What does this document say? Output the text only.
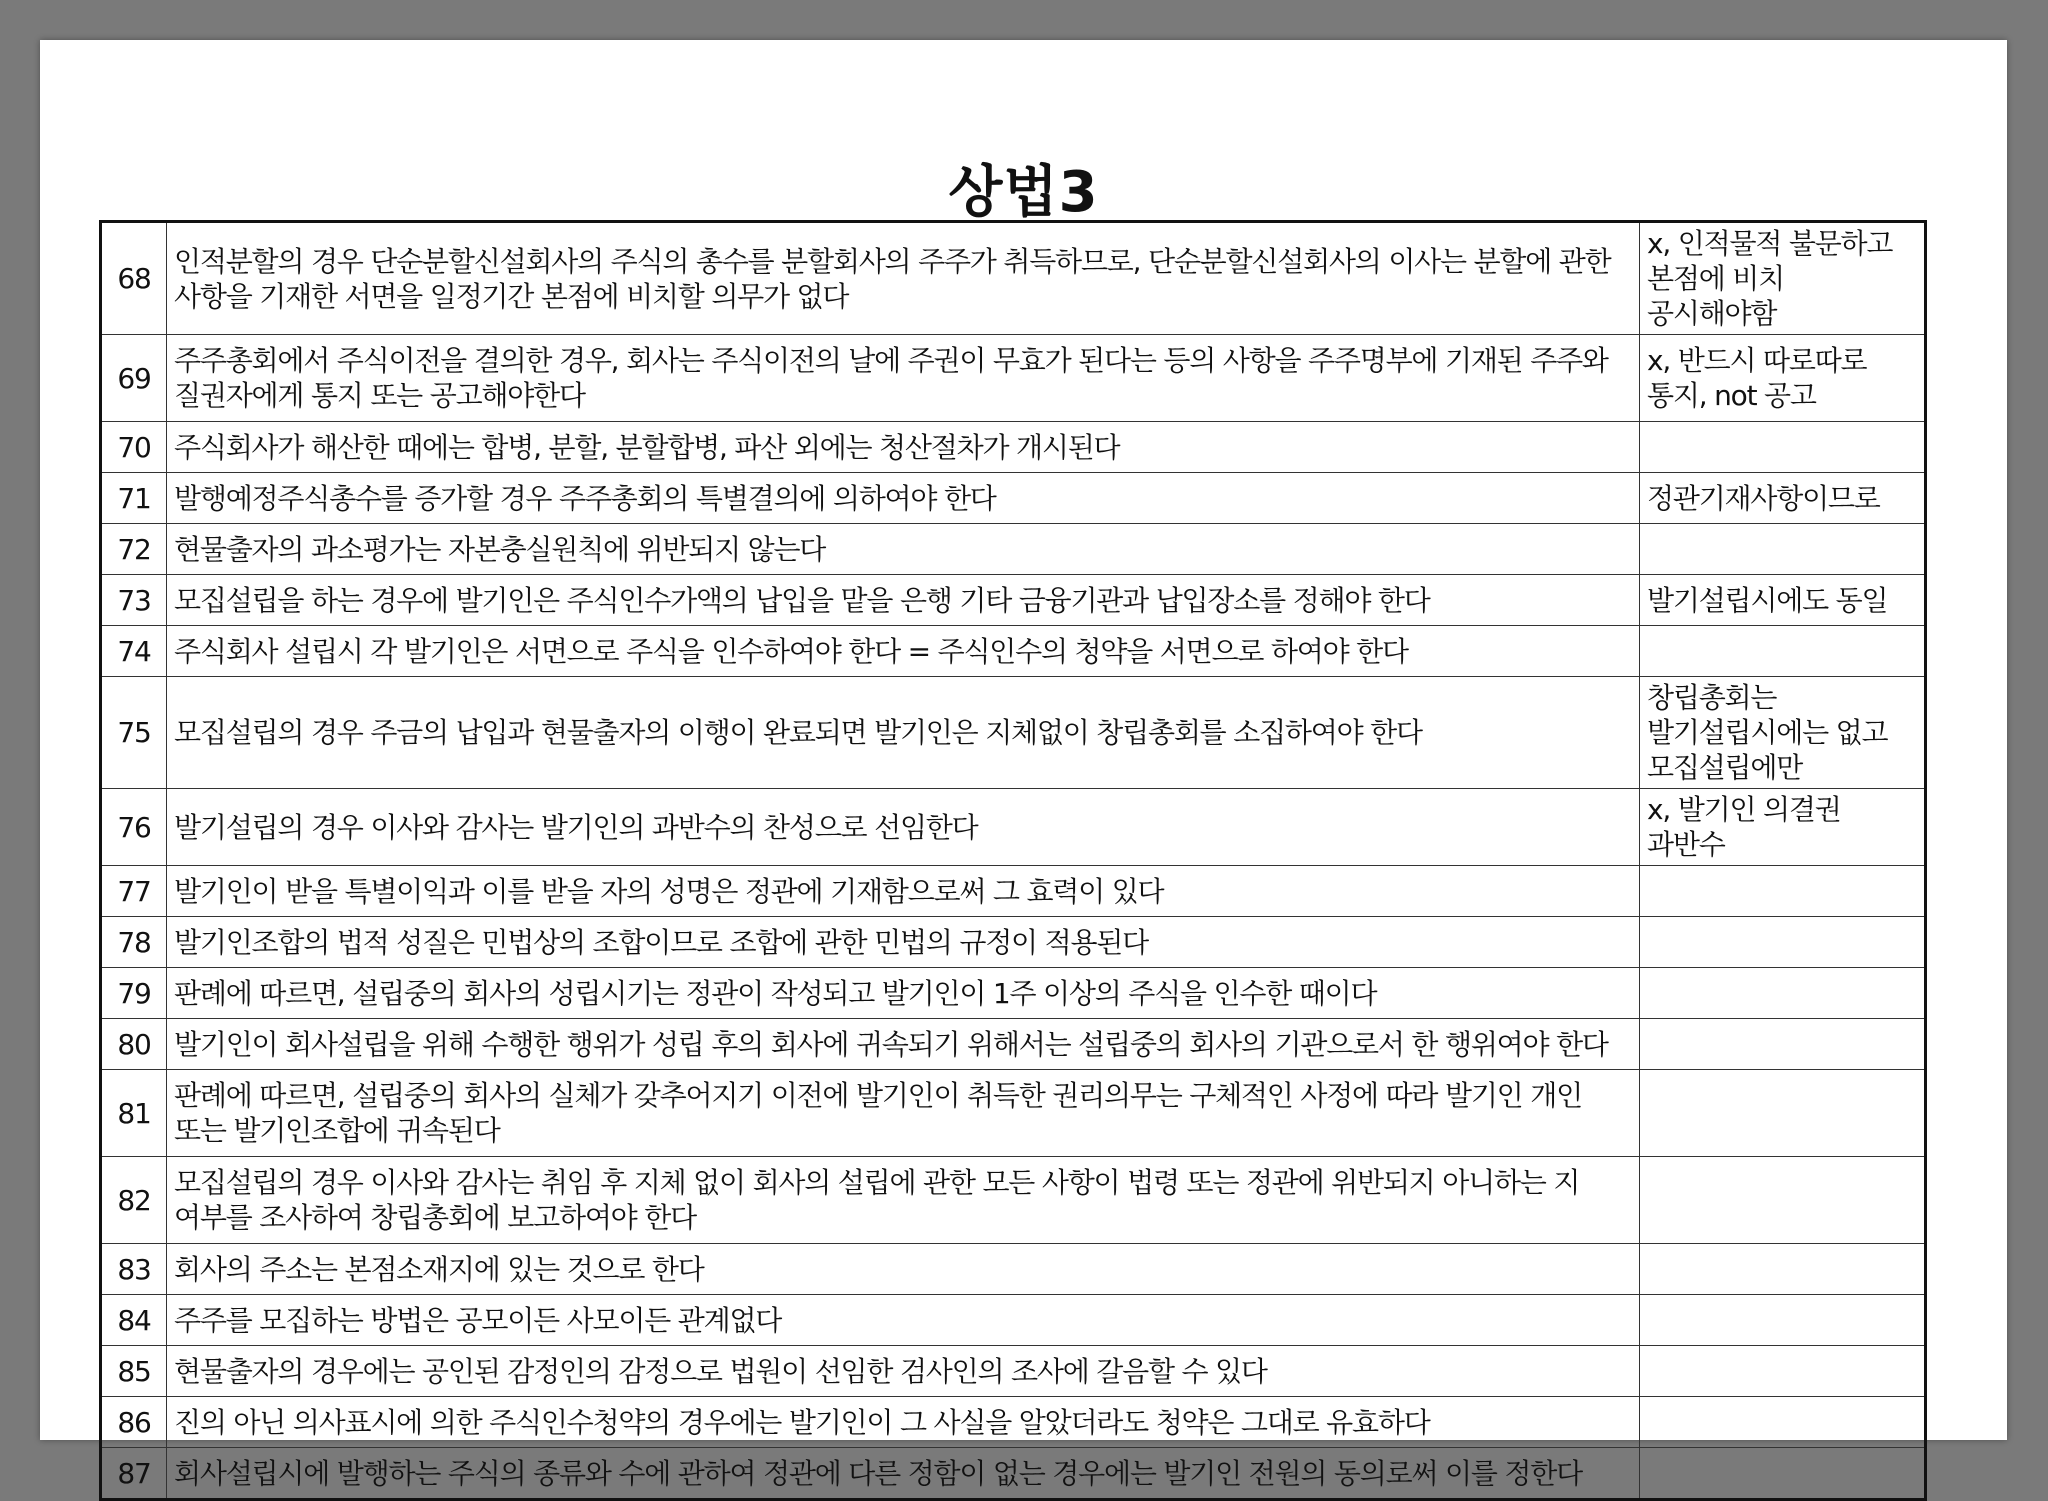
상법3
68	인적분할의 경우 단순분할신설회사의 주식의 총수를 분할회사의 주주가 취득하므로, 단순분할신설회사의 이사는 분할에 관한 사항을 기재한 서면을 일정기간 본점에 비치할 의무가 없다	x, 인적물적 불문하고 본점에 비치 공시해야함
69	주주총회에서 주식이전을 결의한 경우, 회사는 주식이전의 날에 주권이 무효가 된다는 등의 사항을 주주명부에 기재된 주주와 질권자에게 통지 또는 공고해야한다	x, 반드시 따로따로 통지, not 공고
70	주식회사가 해산한 때에는 합병, 분할, 분할합병, 파산 외에는 청산절차가 개시된다	
71	발행예정주식총수를 증가할 경우 주주총회의 특별결의에 의하여야 한다	정관기재사항이므로
72	현물출자의 과소평가는 자본충실원칙에 위반되지 않는다	
73	모집설립을 하는 경우에 발기인은 주식인수가액의 납입을 맡을 은행 기타 금융기관과 납입장소를 정해야 한다	발기설립시에도 동일
74	주식회사 설립시 각 발기인은 서면으로 주식을 인수하여야 한다 = 주식인수의 청약을 서면으로 하여야 한다	
75	모집설립의 경우 주금의 납입과 현물출자의 이행이 완료되면 발기인은 지체없이 창립총회를 소집하여야 한다	창립총회는 발기설립시에는 없고 모집설립에만
76	발기설립의 경우 이사와 감사는 발기인의 과반수의 찬성으로 선임한다	x, 발기인 의결권 과반수
77	발기인이 받을 특별이익과 이를 받을 자의 성명은 정관에 기재함으로써 그 효력이 있다	
78	발기인조합의 법적 성질은 민법상의 조합이므로 조합에 관한 민법의 규정이 적용된다	
79	판례에 따르면, 설립중의 회사의 성립시기는 정관이 작성되고 발기인이 1주 이상의 주식을 인수한 때이다	
80	발기인이 회사설립을 위해 수행한 행위가 성립 후의 회사에 귀속되기 위해서는 설립중의 회사의 기관으로서 한 행위여야 한다	
81	판례에 따르면, 설립중의 회사의 실체가 갖추어지기 이전에 발기인이 취득한 권리의무는 구체적인 사정에 따라 발기인 개인 또는 발기인조합에 귀속된다	
82	모집설립의 경우 이사와 감사는 취임 후 지체 없이 회사의 설립에 관한 모든 사항이 법령 또는 정관에 위반되지 아니하는 지 여부를 조사하여 창립총회에 보고하여야 한다	
83	회사의 주소는 본점소재지에 있는 것으로 한다	
84	주주를 모집하는 방법은 공모이든 사모이든 관계없다	
85	현물출자의 경우에는 공인된 감정인의 감정으로 법원이 선임한 검사인의 조사에 갈음할 수 있다	
86	진의 아닌 의사표시에 의한 주식인수청약의 경우에는 발기인이 그 사실을 알았더라도 청약은 그대로 유효하다	
87	회사설립시에 발행하는 주식의 종류와 수에 관하여 정관에 다른 정함이 없는 경우에는 발기인 전원의 동의로써 이를 정한다	
